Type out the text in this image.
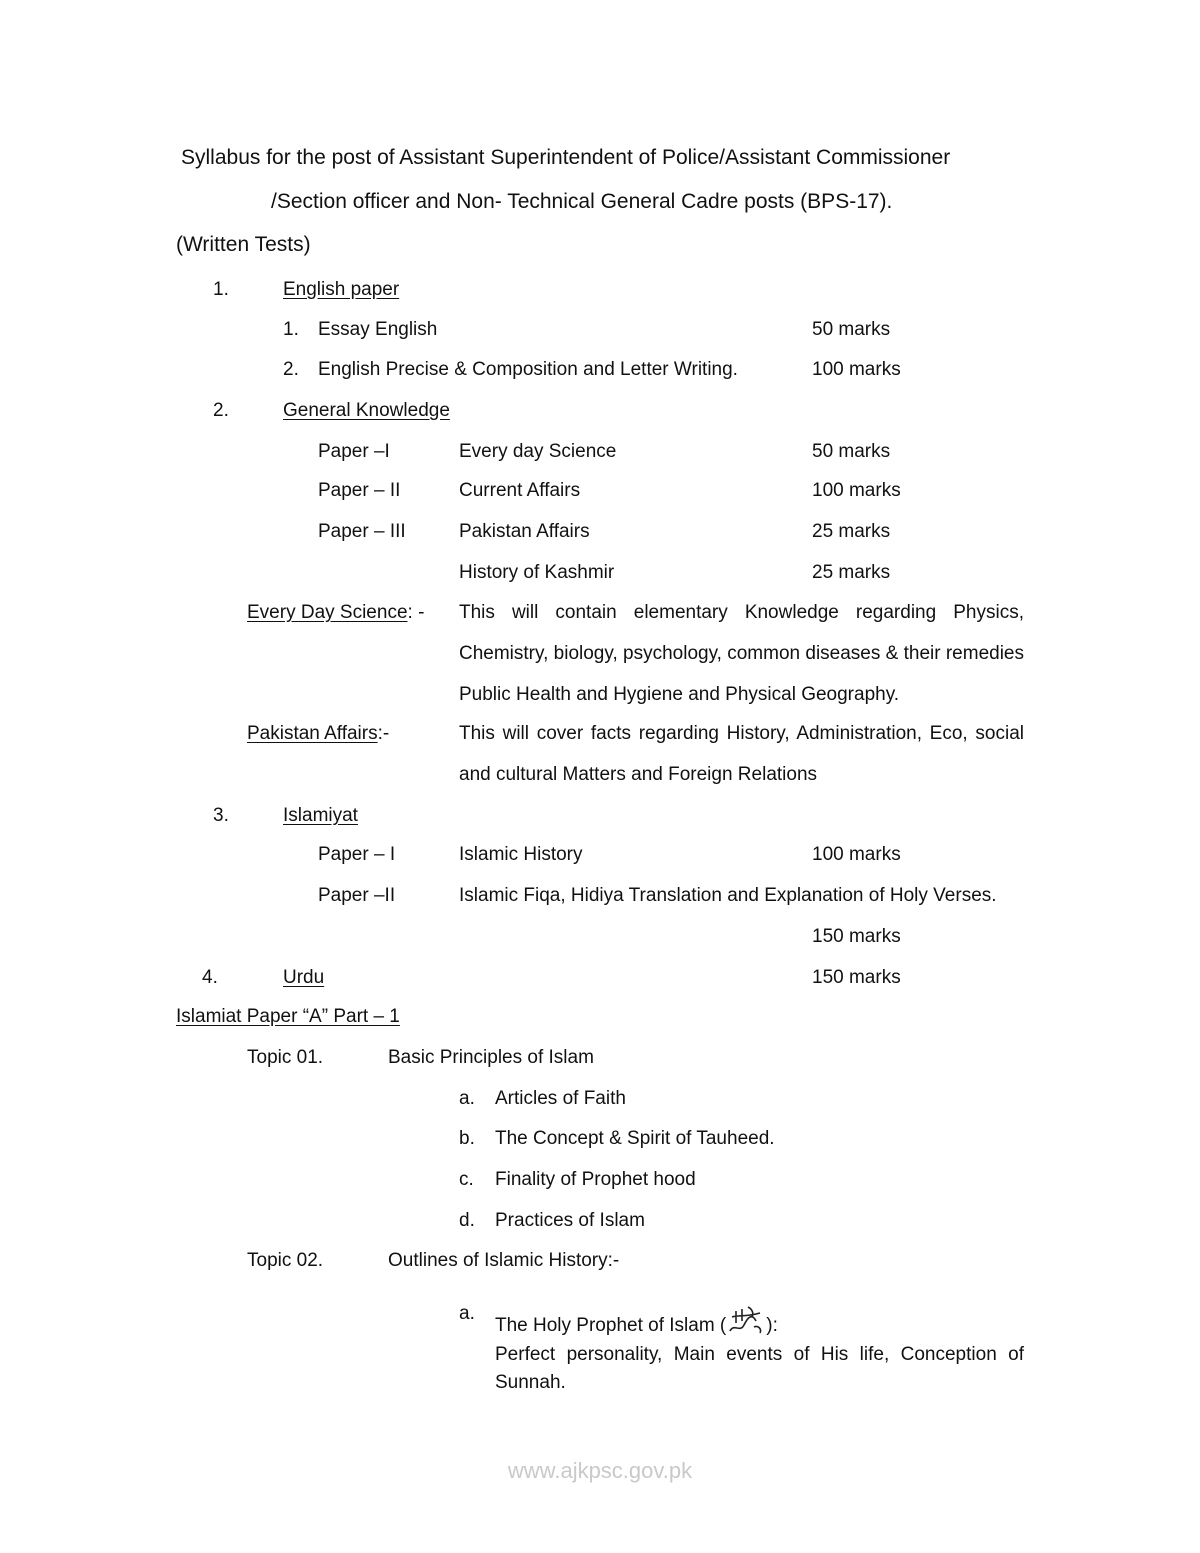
Syllabus for the post of Assistant Superintendent of Police/Assistant Commissioner
/Section officer and Non- Technical General Cadre posts (BPS-17).
(Written Tests)
1.	English paper
1. Essay English	50 marks
2. English Precise & Composition and Letter Writing.	100 marks
2.	General Knowledge
Paper –I	Every day Science	50 marks
Paper – II	Current Affairs	100 marks
Paper – III	Pakistan Affairs	25 marks
History of Kashmir	25 marks
Every Day Science: - This will contain elementary Knowledge regarding Physics, Chemistry, biology, psychology, common diseases & their remedies Public Health and Hygiene and Physical Geography.
Pakistan Affairs:-	This will cover facts regarding History, Administration, Eco, social and cultural Matters and Foreign Relations
3.	Islamiyat
Paper – I	Islamic History	100 marks
Paper –II	Islamic Fiqa, Hidiya Translation and Explanation of Holy Verses.
150 marks
4.	Urdu	150 marks
Islamiat Paper “A” Part – 1
Topic 01.	Basic Principles of Islam
a. Articles of Faith
b. The Concept & Spirit of Tauheed.
c. Finality of Prophet hood
d. Practices of Islam
Topic 02.	Outlines of Islamic History:-
a.
The Holy Prophet of Islam ( ):
Perfect personality, Main events of His life, Conception of Sunnah.
www.ajkpsc.gov.pk
